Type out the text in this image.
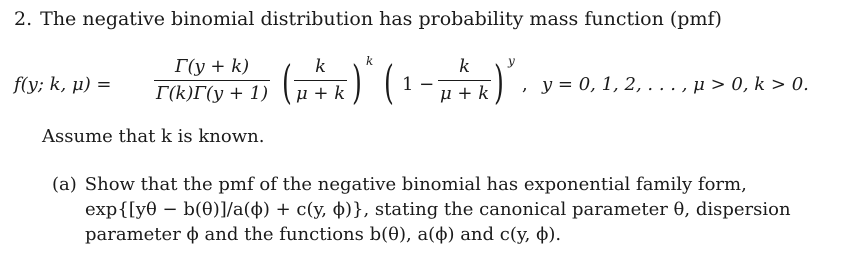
2. The negative binomial distribution has probability mass function (pmf)
f(y; k, μ) =
Γ(y + k)
Γ(k)Γ(y + 1) ( k
μ + k ) k ( 1 −
k
μ + k ) y
, y = 0, 1, 2, . . . , μ > 0, k > 0.
Assume that k is known.
(a) Show that the pmf of the negative binomial has exponential family form,
exp{[yθ − b(θ)]/a(ϕ) + c(y, ϕ)}, stating the canonical parameter θ, dispersion
parameter ϕ and the functions b(θ), a(ϕ) and c(y, ϕ).
